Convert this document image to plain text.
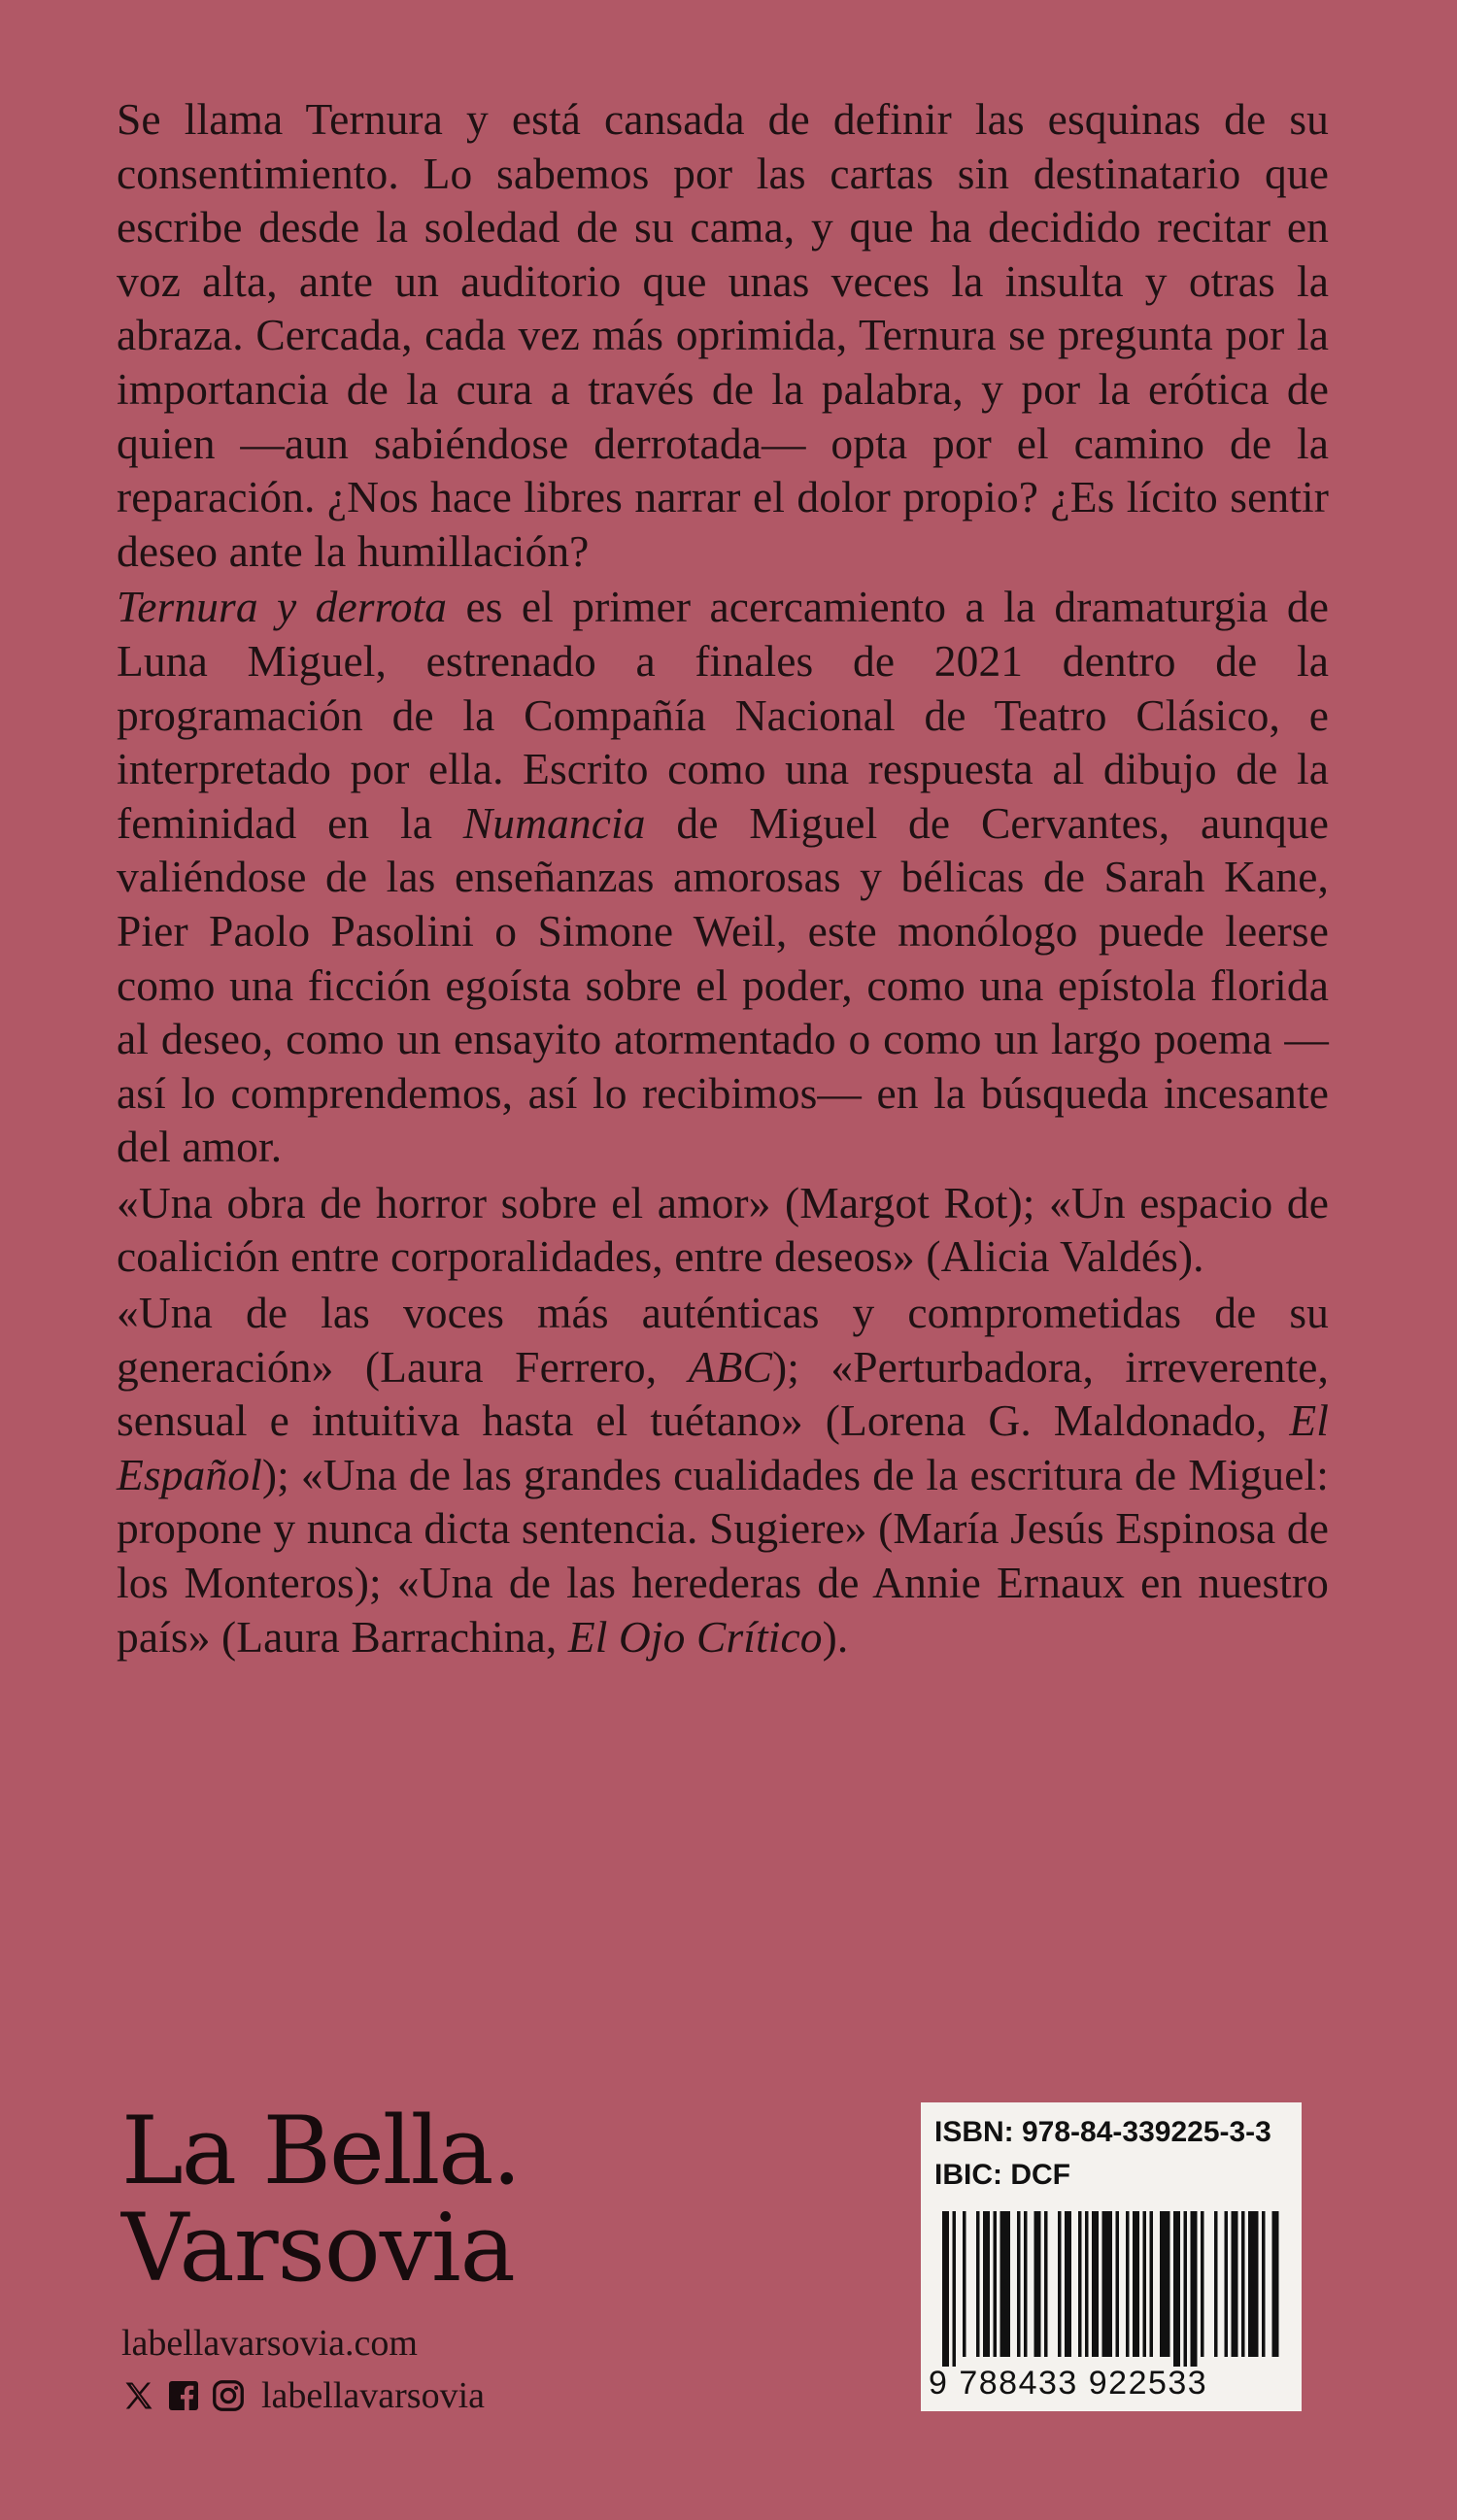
Se llama Ternura y está cansada de definir las esquinas de su consentimiento. Lo sabemos por las cartas sin destinatario que escribe desde la soledad de su cama, y que ha decidido recitar en voz alta, ante un auditorio que unas veces la insulta y otras la abraza. Cercada, cada vez más oprimida, Ternura se pregunta por la importancia de la cura a través de la palabra, y por la erótica de quien —aun sabiéndose derrotada— opta por el camino de la reparación. ¿Nos hace libres narrar el dolor propio? ¿Es lícito sentir deseo ante la humillación?

Ternura y derrota es el primer acercamiento a la dramaturgia de Luna Miguel, estrenado a finales de 2021 dentro de la programación de la Compañía Nacional de Teatro Clásico, e interpretado por ella. Escrito como una respuesta al dibujo de la feminidad en la Numancia de Miguel de Cervantes, aunque valiéndose de las enseñanzas amorosas y bélicas de Sarah Kane, Pier Paolo Pasolini o Simone Weil, este monólogo puede leerse como una ficción egoísta sobre el poder, como una epístola florida al deseo, como un ensayito atormentado o como un largo poema —así lo comprendemos, así lo recibimos— en la búsqueda incesante del amor.

«Una obra de horror sobre el amor» (Margot Rot); «Un espacio de coalición entre corporalidades, entre deseos» (Alicia Valdés).

«Una de las voces más auténticas y comprometidas de su generación» (Laura Ferrero, ABC); «Perturbadora, irreverente, sensual e intuitiva hasta el tuétano» (Lorena G. Maldonado, El Español); «Una de las grandes cualidades de la escritura de Miguel: propone y nunca dicta sentencia. Sugiere» (María Jesús Espinosa de los Monteros); «Una de las herederas de Annie Ernaux en nuestro país» (Laura Barrachina, El Ojo Crítico).

La Bella.
Varsovia
labellavarsovia.com
labellavarsovia
ISBN: 978-84-339225-3-3
IBIC: DCF
9 788433 922533
